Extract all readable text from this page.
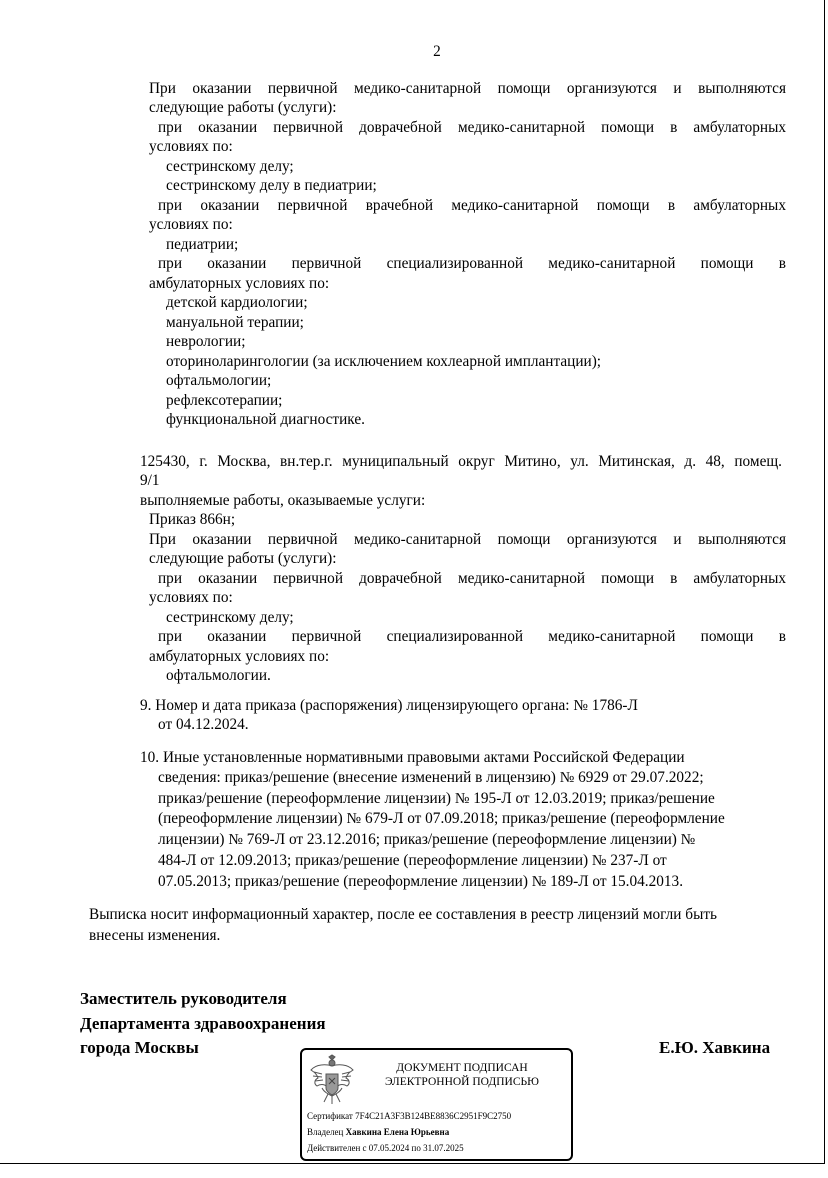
2
При оказании первичной медико-санитарной помощи организуются и выполняются
следующие работы (услуги):
при оказании первичной доврачебной медико-санитарной помощи в амбулаторных
условиях по:
сестринскому делу;
сестринскому делу в педиатрии;
при оказании первичной врачебной медико-санитарной помощи в амбулаторных
условиях по:
педиатрии;
при оказании первичной специализированной медико-санитарной помощи в
амбулаторных условиях по:
детской кардиологии;
мануальной терапии;
неврологии;
оториноларингологии (за исключением кохлеарной имплантации);
офтальмологии;
рефлексотерапии;
функциональной диагностике.
125430, г. Москва, вн.тер.г. муниципальный округ Митино, ул. Митинская, д. 48, помещ.
9/1
выполняемые работы, оказываемые услуги:
Приказ 866н;
При оказании первичной медико-санитарной помощи организуются и выполняются
следующие работы (услуги):
при оказании первичной доврачебной медико-санитарной помощи в амбулаторных
условиях по:
сестринскому делу;
при оказании первичной специализированной медико-санитарной помощи в
амбулаторных условиях по:
офтальмологии.
9. Номер и дата приказа (распоряжения) лицензирующего органа: № 1786-Л
от 04.12.2024.
10. Иные установленные нормативными правовыми актами Российской Федерации
сведения: приказ/решение (внесение изменений в лицензию) № 6929 от 29.07.2022;
приказ/решение (переоформление лицензии) № 195-Л от 12.03.2019; приказ/решение
(переоформление лицензии) № 679-Л от 07.09.2018; приказ/решение (переоформление
лицензии) № 769-Л от 23.12.2016; приказ/решение (переоформление лицензии) №
484-Л от 12.09.2013; приказ/решение (переоформление лицензии) № 237-Л от
07.05.2013; приказ/решение (переоформление лицензии) № 189-Л от 15.04.2013.
Выписка носит информационный характер, после ее составления в реестр лицензий могли быть
внесены изменения.
Заместитель руководителя
Департамента здравоохранения
города Москвы	Е.Ю. Хавкина
ДОКУМЕНТ ПОДПИСАН
ЭЛЕКТРОННОЙ ПОДПИСЬЮ
Сертификат 7F4C21A3F3B124BE8836C2951F9C2750
Владелец Хавкина Елена Юрьевна
Действителен с 07.05.2024 по 31.07.2025
